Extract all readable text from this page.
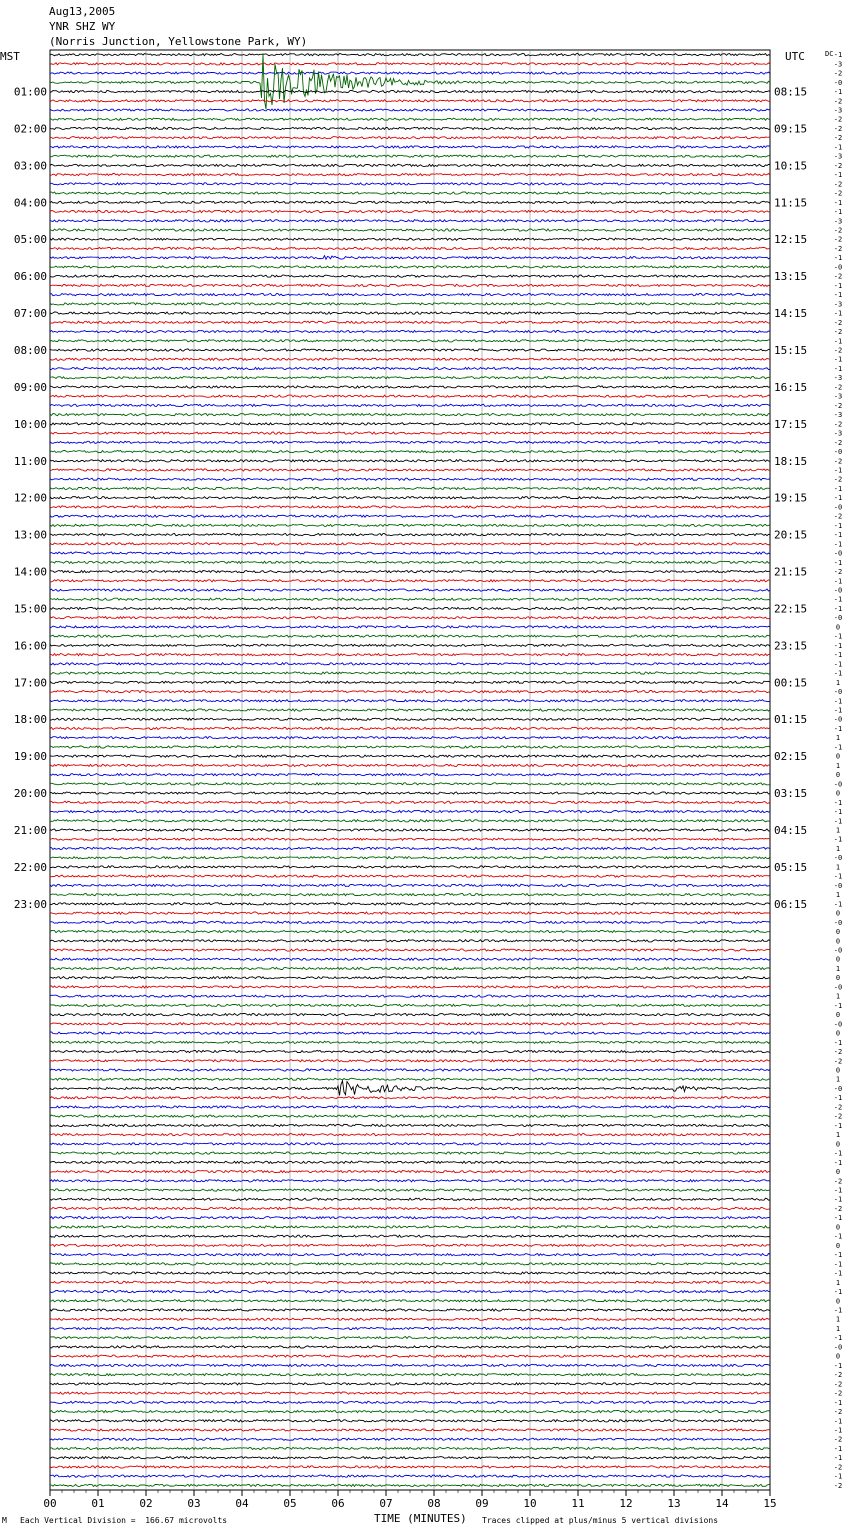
Aug13,2005
YNR SHZ WY
(Norris Junction, Yellowstone Park, WY)
MST	UTC	DC
00	01	02	03	04	05	06	07	08	09	10	11	12	13	14	15
-1
-3
-2
-0
-1
-2
-3
-2
-2
-2
-1
-3
-2
-1
-2
-2
-1
-1
-3
-2
-2
-2
-1
-0
-2
-1
-1
-3
-1
-2
-2
-1
-2
-1
-1
-3
-2
-3
-2
-3
-2
-3
-2
-0
-2
-1
-2
-1
-1
-0
-2
-1
-1
-1
-0
-1
-2
-1
-0
-1
-1
-0
0
-1
-1
-1
-1
-1
1
-0
-1
-1
-0
-1
1
-1
0
1
0
-0
0
-1
-1
-1
1
-1
1
-0
1
-1
-0
1
-1
0
-0
0
0
-0
0
1
0
-0
1
-1
0
-0
0
-1
-2
-2
0
1
-0
-1
-2
-2
-1
1
0
-1
-1
0
-2
-1
-1
-2
-1
0
-1
0
-1
-1
-1
1
-1
0
-1
1
1
-1
-0
0
-1
-2
-2
-2
-1
-2
-1
-1
-2
-1
-1
-2
-1
-2
01:00	08:15
02:00	09:15
03:00	10:15
04:00	11:15
05:00	12:15
06:00	13:15
07:00	14:15
08:00	15:15
09:00	16:15
10:00	17:15
11:00	18:15
12:00	19:15
13:00	20:15
14:00	21:15
15:00	22:15
16:00	23:15
17:00	00:15
18:00	01:15
19:00	02:15
20:00	03:15
21:00	04:15
22:00	05:15
23:00	06:15
M Each Vertical Division =  166.67 microvolts	TIME (MINUTES) Traces clipped at plus/minus 5 vertical divisions
